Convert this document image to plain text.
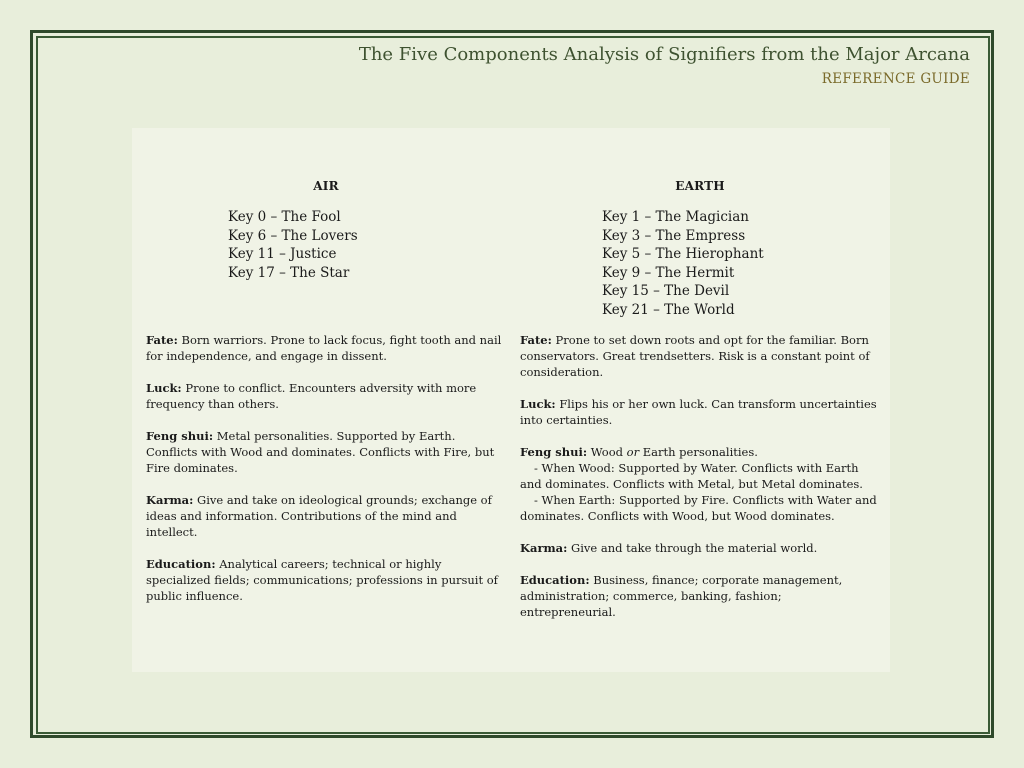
The Five Components Analysis of Signifiers from the Major Arcana
REFERENCE GUIDE
AIR
Key 0 – The Fool
Key 6 – The Lovers
Key 11 – Justice
Key 17 – The Star

Fate: Born warriors. Prone to lack focus, fight tooth and nail for independence, and engage in dissent.

Luck: Prone to conflict. Encounters adversity with more frequency than others.

Feng shui: Metal personalities. Supported by Earth. Conflicts with Wood and dominates. Conflicts with Fire, but Fire dominates.

Karma: Give and take on ideological grounds; exchange of ideas and information. Contributions of the mind and intellect.

Education: Analytical careers; technical or highly specialized fields; communications; professions in pursuit of public influence.

EARTH
Key 1 – The Magician
Key 3 – The Empress
Key 5 – The Hierophant
Key 9 – The Hermit
Key 15 – The Devil
Key 21 – The World

Fate: Prone to set down roots and opt for the familiar. Born conservators. Great trendsetters. Risk is a constant point of consideration.

Luck: Flips his or her own luck. Can transform uncertainties into certainties.

Feng shui: Wood or Earth personalities.
- When Wood: Supported by Water. Conflicts with Earth and dominates. Conflicts with Metal, but Metal dominates.
- When Earth: Supported by Fire. Conflicts with Water and dominates. Conflicts with Wood, but Wood dominates.

Karma: Give and take through the material world.

Education: Business, finance; corporate management, administration; commerce, banking, fashion; entrepreneurial.
